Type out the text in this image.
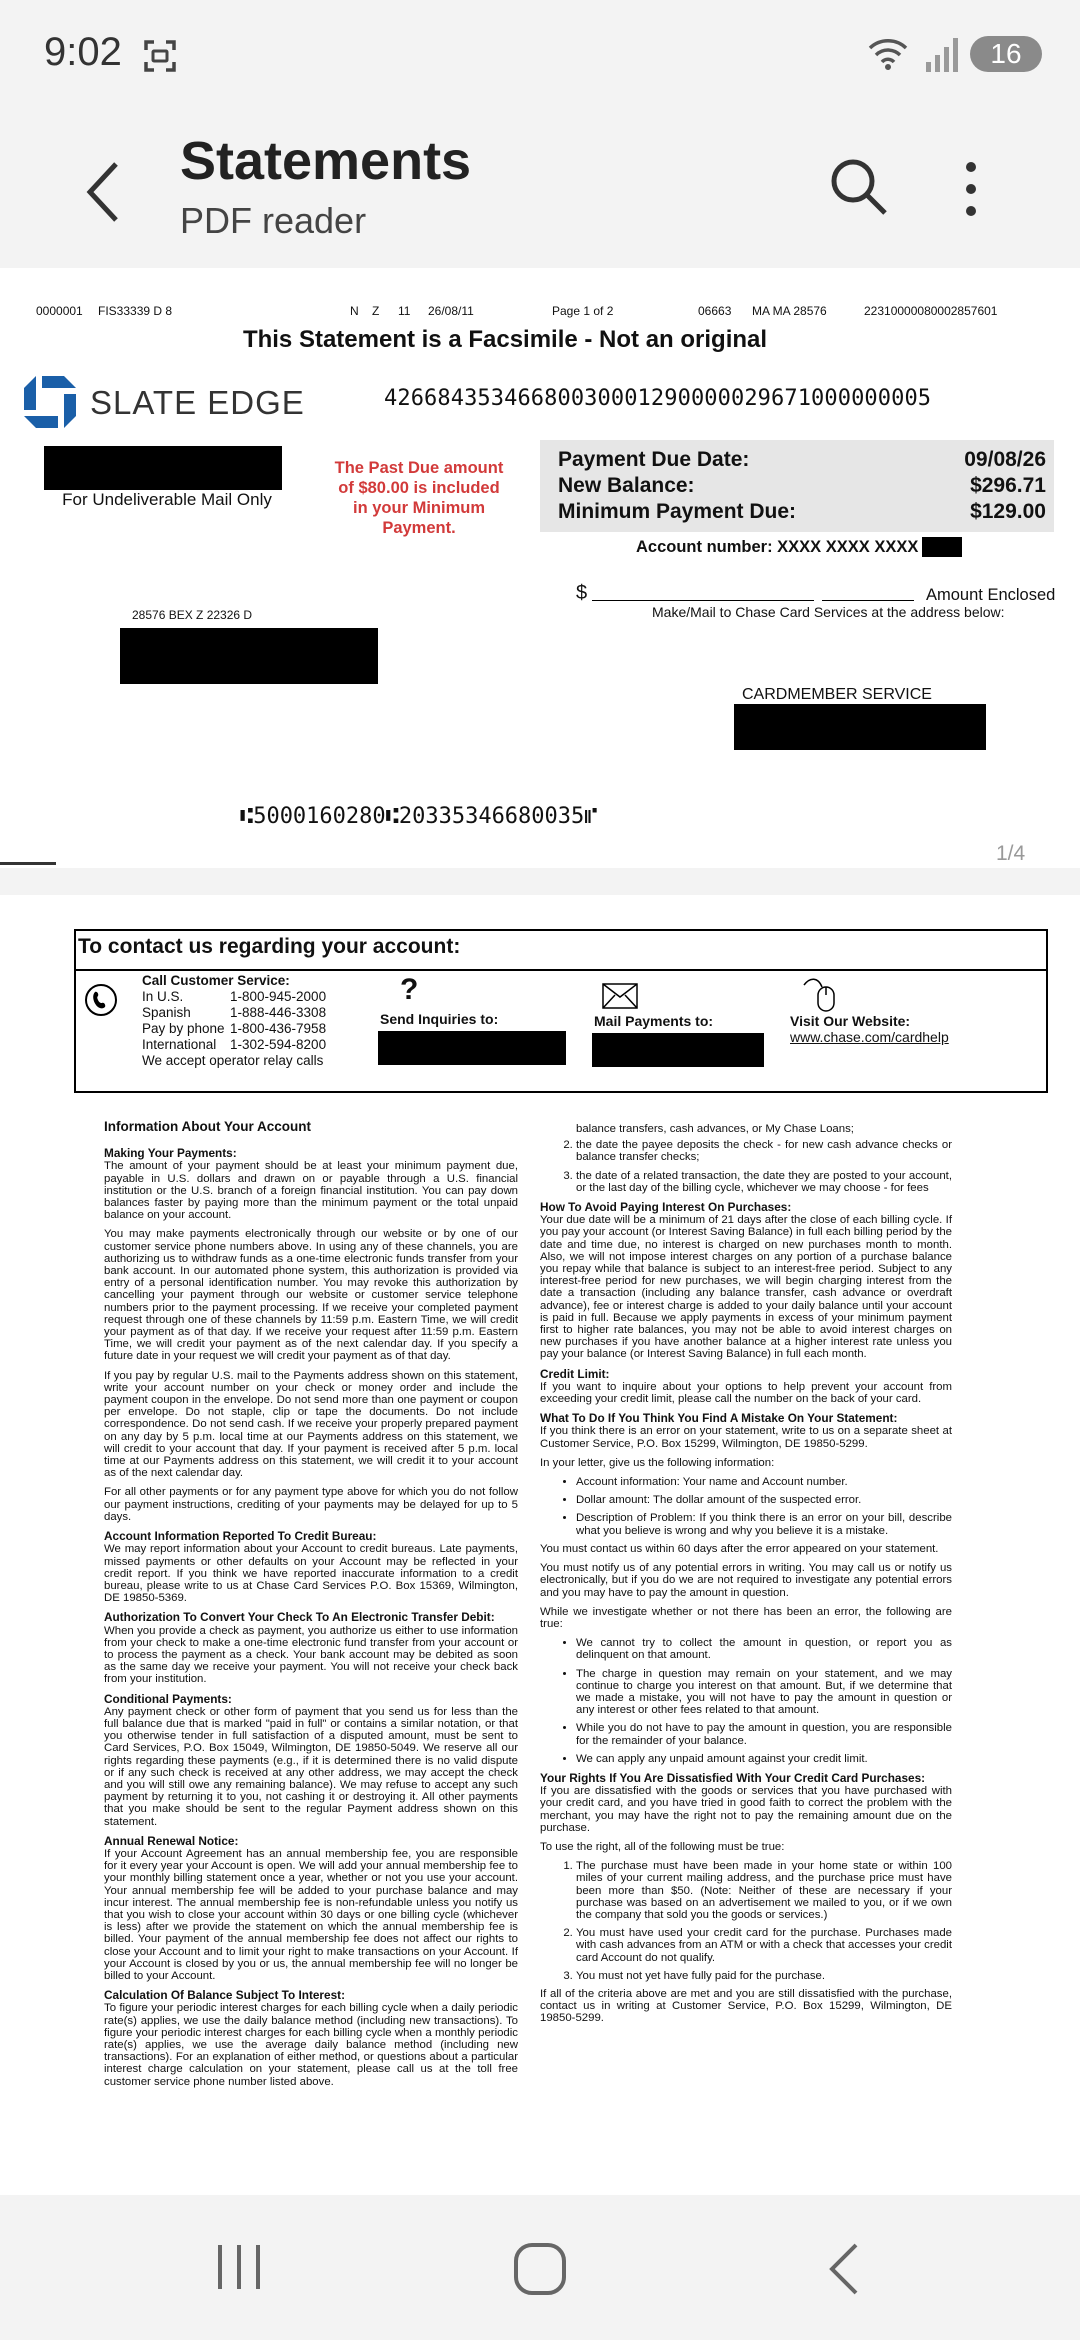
9:02	16
Statements
PDF reader
0000001 FIS33339 D 8	N Z 11 26/08/11	Page 1 of 2	06663 MA MA 28576	22310000080002857601
This Statement is a Facsimile - Not an original
SLATE EDGE	42668435346680030001290000029671000000005
For Undeliverable Mail Only
The Past Due amount of $80.00 is included in your Minimum Payment.
Payment Due Date:	09/08/26
New Balance:	$296.71
Minimum Payment Due:	$129.00
Account number: XXXX XXXX XXXX
$	Amount Enclosed
Make/Mail to Chase Card Services at the address below:
28576 BEX Z 22326 D
CARDMEMBER SERVICE
⑆5000160280⑆20335346680035⑈
1/4
To contact us regarding your account:
Call Customer Service:
In U.S.	1-800-945-2000
Spanish	1-888-446-3308
Pay by phone 1-800-436-7958
International 1-302-594-8200
We accept operator relay calls
?
Send Inquiries to:	Mail Payments to:	Visit Our Website:
www.chase.com/cardhelp
Information About Your Account
Making Your Payments:

The amount of your payment should be at least your minimum payment due, payable in U.S. dollars and drawn on or payable through a U.S. financial institution or the U.S. branch of a foreign financial institution. You can pay down balances faster by paying more than the minimum payment or the total unpaid balance on your account.

You may make payments electronically through our website or by one of our customer service phone numbers above. In using any of these channels, you are authorizing us to withdraw funds as a one-time electronic funds transfer from your bank account. In our automated phone system, this authorization is provided via entry of a personal identification number. You may revoke this authorization by cancelling your payment through our website or customer service telephone numbers prior to the payment processing. If we receive your completed payment request through one of these channels by 11:59 p.m. Eastern Time, we will credit your payment as of that day. If we receive your request after 11:59 p.m. Eastern Time, we will credit your payment as of the next calendar day. If you specify a future date in your request we will credit your payment as of that day.

If you pay by regular U.S. mail to the Payments address shown on this statement, write your account number on your check or money order and include the payment coupon in the envelope. Do not send more than one payment or coupon per envelope. Do not staple, clip or tape the documents. Do not include correspondence. Do not send cash. If we receive your properly prepared payment on any day by 5 p.m. local time at our Payments address on this statement, we will credit to your account that day. If your payment is received after 5 p.m. local time at our Payments address on this statement, we will credit it to your account as of the next calendar day.

For all other payments or for any payment type above for which you do not follow our payment instructions, crediting of your payments may be delayed for up to 5 days.

Account Information Reported To Credit Bureau:

We may report information about your Account to credit bureaus. Late payments, missed payments or other defaults on your Account may be reflected in your credit report. If you think we have reported inaccurate information to a credit bureau, please write to us at Chase Card Services P.O. Box 15369, Wilmington, DE 19850-5369.

Authorization To Convert Your Check To An Electronic Transfer Debit:

When you provide a check as payment, you authorize us either to use information from your check to make a one-time electronic fund transfer from your account or to process the payment as a check. Your bank account may be debited as soon as the same day we receive your payment. You will not receive your check back from your institution.

Conditional Payments:

Any payment check or other form of payment that you send us for less than the full balance due that is marked "paid in full" or contains a similar notation, or that you otherwise tender in full satisfaction of a disputed amount, must be sent to Card Services, P.O. Box 15049, Wilmington, DE 19850-5049. We reserve all our rights regarding these payments (e.g., if it is determined there is no valid dispute or if any such check is received at any other address, we may accept the check and you will still owe any remaining balance). We may refuse to accept any such payment by returning it to you, not cashing it or destroying it. All other payments that you make should be sent to the regular Payment address shown on this statement.

Annual Renewal Notice:

If your Account Agreement has an annual membership fee, you are responsible for it every year your Account is open. We will add your annual membership fee to your monthly billing statement once a year, whether or not you use your account. Your annual membership fee will be added to your purchase balance and may incur interest. The annual membership fee is non-refundable unless you notify us that you wish to close your account within 30 days or one billing cycle (whichever is less) after we provide the statement on which the annual membership fee is billed. Your payment of the annual membership fee does not affect our rights to close your Account and to limit your right to make transactions on your Account. If your Account is closed by you or us, the annual membership fee will no longer be billed to your Account.

Calculation Of Balance Subject To Interest:

To figure your periodic interest charges for each billing cycle when a daily periodic rate(s) applies, we use the daily balance method (including new transactions). To figure your periodic interest charges for each billing cycle when a monthly periodic rate(s) applies, we use the average daily balance method (including new transactions). For an explanation of either method, or questions about a particular interest charge calculation on your statement, please call us at the toll free customer service phone number listed above.

balance transfers, cash advances, or My Chase Loans;

2. the date the payee deposits the check - for new cash advance checks or balance transfer checks;
3. the date of a related transaction, the date they are posted to your account, or the last day of the billing cycle, whichever we may choose - for fees
How To Avoid Paying Interest On Purchases:

Your due date will be a minimum of 21 days after the close of each billing cycle. If you pay your account (or Interest Saving Balance) in full each billing period by the date and time due, no interest is charged on new purchases month to month. Also, we will not impose interest charges on any portion of a purchase balance you repay while that balance is subject to an interest-free period. Subject to any interest-free period for new purchases, we will begin charging interest from the date a transaction (including any balance transfer, cash advance or overdraft advance), fee or interest charge is added to your daily balance until your account is paid in full. Because we apply payments in excess of your minimum payment first to higher rate balances, you may not be able to avoid interest charges on new purchases if you have another balance at a higher interest rate unless you pay your balance (or Interest Saving Balance) in full each month.

Credit Limit:

If you want to inquire about your options to help prevent your account from exceeding your credit limit, please call the number on the back of your card.

What To Do If You Think You Find A Mistake On Your Statement:

If you think there is an error on your statement, write to us on a separate sheet at Customer Service, P.O. Box 15299, Wilmington, DE 19850-5299.

In your letter, give us the following information:

• Account information: Your name and Account number.
• Dollar amount: The dollar amount of the suspected error.
• Description of Problem: If you think there is an error on your bill, describe what you believe is wrong and why you believe it is a mistake.

You must contact us within 60 days after the error appeared on your statement.

You must notify us of any potential errors in writing. You may call us or notify us electronically, but if you do we are not required to investigate any potential errors and you may have to pay the amount in question.

While we investigate whether or not there has been an error, the following are true:

• We cannot try to collect the amount in question, or report you as delinquent on that amount.
• The charge in question may remain on your statement, and we may continue to charge you interest on that amount. But, if we determine that we made a mistake, you will not have to pay the amount in question or any interest or other fees related to that amount.
• While you do not have to pay the amount in question, you are responsible for the remainder of your balance.
• We can apply any unpaid amount against your credit limit.
Your Rights If You Are Dissatisfied With Your Credit Card Purchases:

If you are dissatisfied with the goods or services that you have purchased with your credit card, and you have tried in good faith to correct the problem with the merchant, you may have the right not to pay the remaining amount due on the purchase.

To use the right, all of the following must be true:

1. The purchase must have been made in your home state or within 100 miles of your current mailing address, and the purchase price must have been more than $50. (Note: Neither of these are necessary if your purchase was based on an advertisement we mailed to you, or if we own the company that sold you the goods or services.)
2. You must have used your credit card for the purchase. Purchases made with cash advances from an ATM or with a check that accesses your credit card Account do not qualify.
3. You must not yet have fully paid for the purchase.

If all of the criteria above are met and you are still dissatisfied with the purchase, contact us in writing at Customer Service, P.O. Box 15299, Wilmington, DE 19850-5299.
